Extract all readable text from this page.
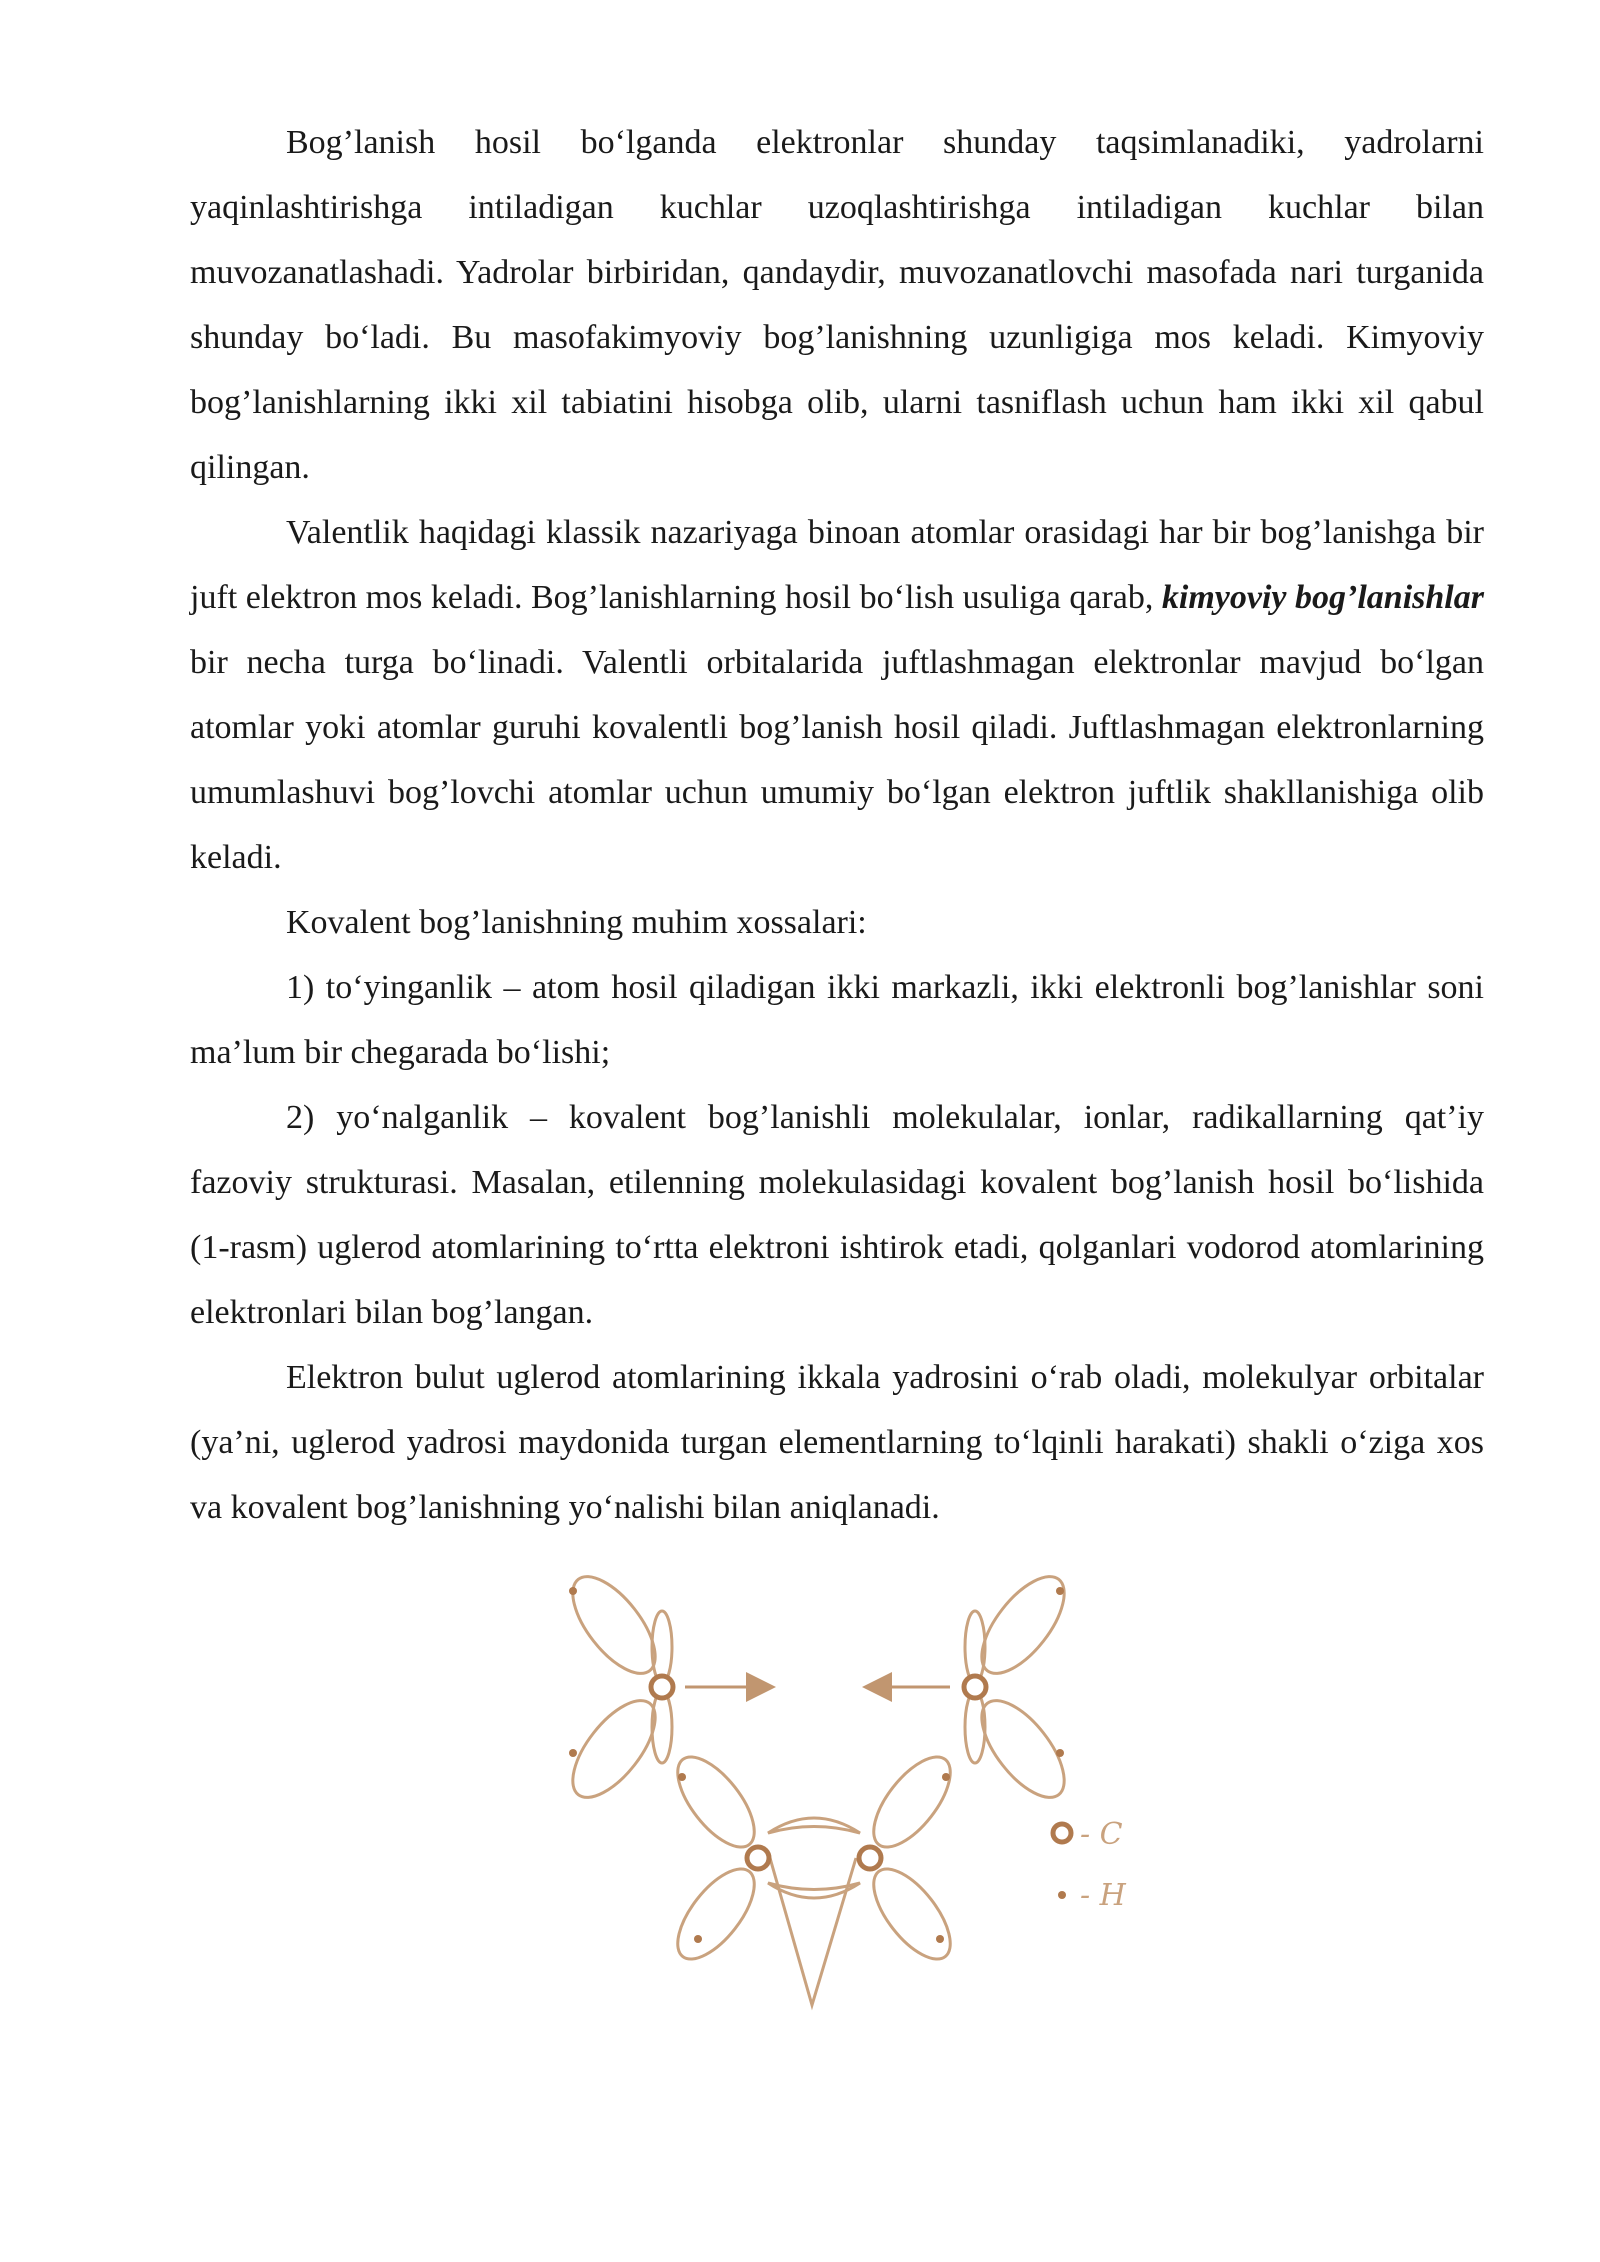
Bog’lanish hosil bo‘lganda elektronlar shunday taqsimlanadiki, yadrolarni yaqinlashtirishga intiladigan kuchlar uzoqlashtirishga intiladigan kuchlar bilan muvozanatlashadi. Yadrolar birbiridan, qandaydir, muvozanatlovchi masofada nari turganida shunday bo‘ladi. Bu masofakimyoviy bog’lanishning uzunligiga mos keladi. Kimyoviy bog’lanishlarning ikki xil tabiatini hisobga olib, ularni tasniflash uchun ham ikki xil qabul qilingan.

Valentlik haqidagi klassik nazariyaga binoan atomlar orasidagi har bir bog’lanishga bir juft elektron mos keladi. Bog’lanishlarning hosil bo‘lish usuliga qarab, kimyoviy bog’lanishlar bir necha turga bo‘linadi. Valentli orbitalarida juftlashmagan elektronlar mavjud bo‘lgan atomlar yoki atomlar guruhi kovalentli bog’lanish hosil qiladi. Juftlashmagan elektronlarning umumlashuvi bog’lovchi atomlar uchun umumiy bo‘lgan elektron juftlik shakllanishiga olib keladi.

Kovalent bog’lanishning muhim xossalari:

1) to‘yinganlik – atom hosil qiladigan ikki markazli, ikki elektronli bog’lanishlar soni ma’lum bir chegarada bo‘lishi;

2) yo‘nalganlik – kovalent bog’lanishli molekulalar, ionlar, radikallarning qat’iy fazoviy strukturasi. Masalan, etilenning molekulasidagi kovalent bog’lanish hosil bo‘lishida (1-rasm) uglerod atomlarining to‘rtta elektroni ishtirok etadi, qolganlari vodorod atomlarining elektronlari bilan bog’langan.

Elektron bulut uglerod atomlarining ikkala yadrosini o‘rab oladi, molekulyar orbitalar (ya’ni, uglerod yadrosi maydonida turgan elementlarning to‘lqinli harakati) shakli o‘ziga xos va kovalent bog’lanishning yo‘nalishi bilan aniqlanadi.

- C
- H
